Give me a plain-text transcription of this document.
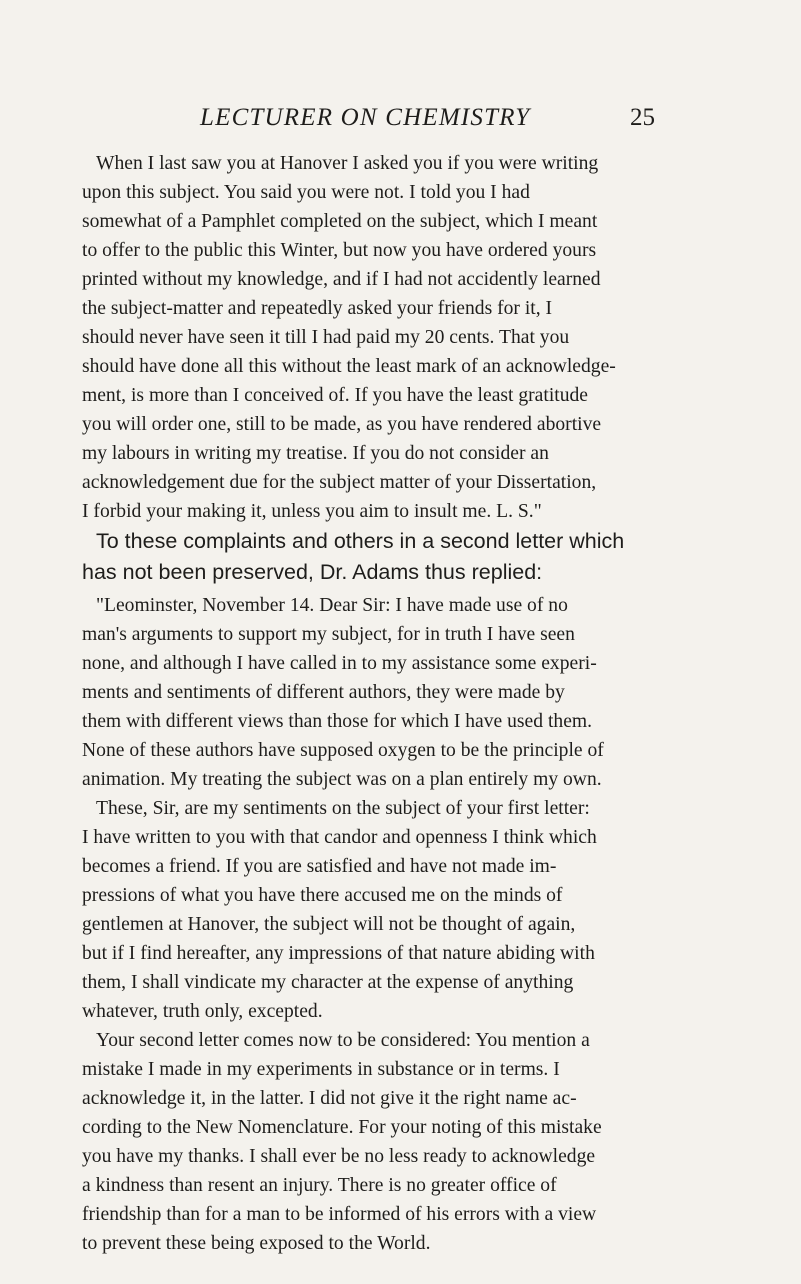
LECTURER ON CHEMISTRY	25
When I last saw you at Hanover I asked you if you were writing
upon this subject. You said you were not. I told you I had
somewhat of a Pamphlet completed on the subject, which I meant
to offer to the public this Winter, but now you have ordered yours
printed without my knowledge, and if I had not accidently learned
the subject-matter and repeatedly asked your friends for it, I
should never have seen it till I had paid my 20 cents. That you
should have done all this without the least mark of an acknowledge-
ment, is more than I conceived of. If you have the least gratitude
you will order one, still to be made, as you have rendered abortive
my labours in writing my treatise. If you do not consider an
acknowledgement due for the subject matter of your Dissertation,
I forbid your making it, unless you aim to insult me. L. S."
To these complaints and others in a second letter which
has not been preserved, Dr. Adams thus replied:
"Leominster, November 14. Dear Sir: I have made use of no
man's arguments to support my subject, for in truth I have seen
none, and although I have called in to my assistance some experi-
ments and sentiments of different authors, they were made by
them with different views than those for which I have used them.
None of these authors have supposed oxygen to be the principle of
animation. My treating the subject was on a plan entirely my own.
These, Sir, are my sentiments on the subject of your first letter:
I have written to you with that candor and openness I think which
becomes a friend. If you are satisfied and have not made im-
pressions of what you have there accused me on the minds of
gentlemen at Hanover, the subject will not be thought of again,
but if I find hereafter, any impressions of that nature abiding with
them, I shall vindicate my character at the expense of anything
whatever, truth only, excepted.
Your second letter comes now to be considered: You mention a
mistake I made in my experiments in substance or in terms. I
acknowledge it, in the latter. I did not give it the right name ac-
cording to the New Nomenclature. For your noting of this mistake
you have my thanks. I shall ever be no less ready to acknowledge
a kindness than resent an injury. There is no greater office of
friendship than for a man to be informed of his errors with a view
to prevent these being exposed to the World.
